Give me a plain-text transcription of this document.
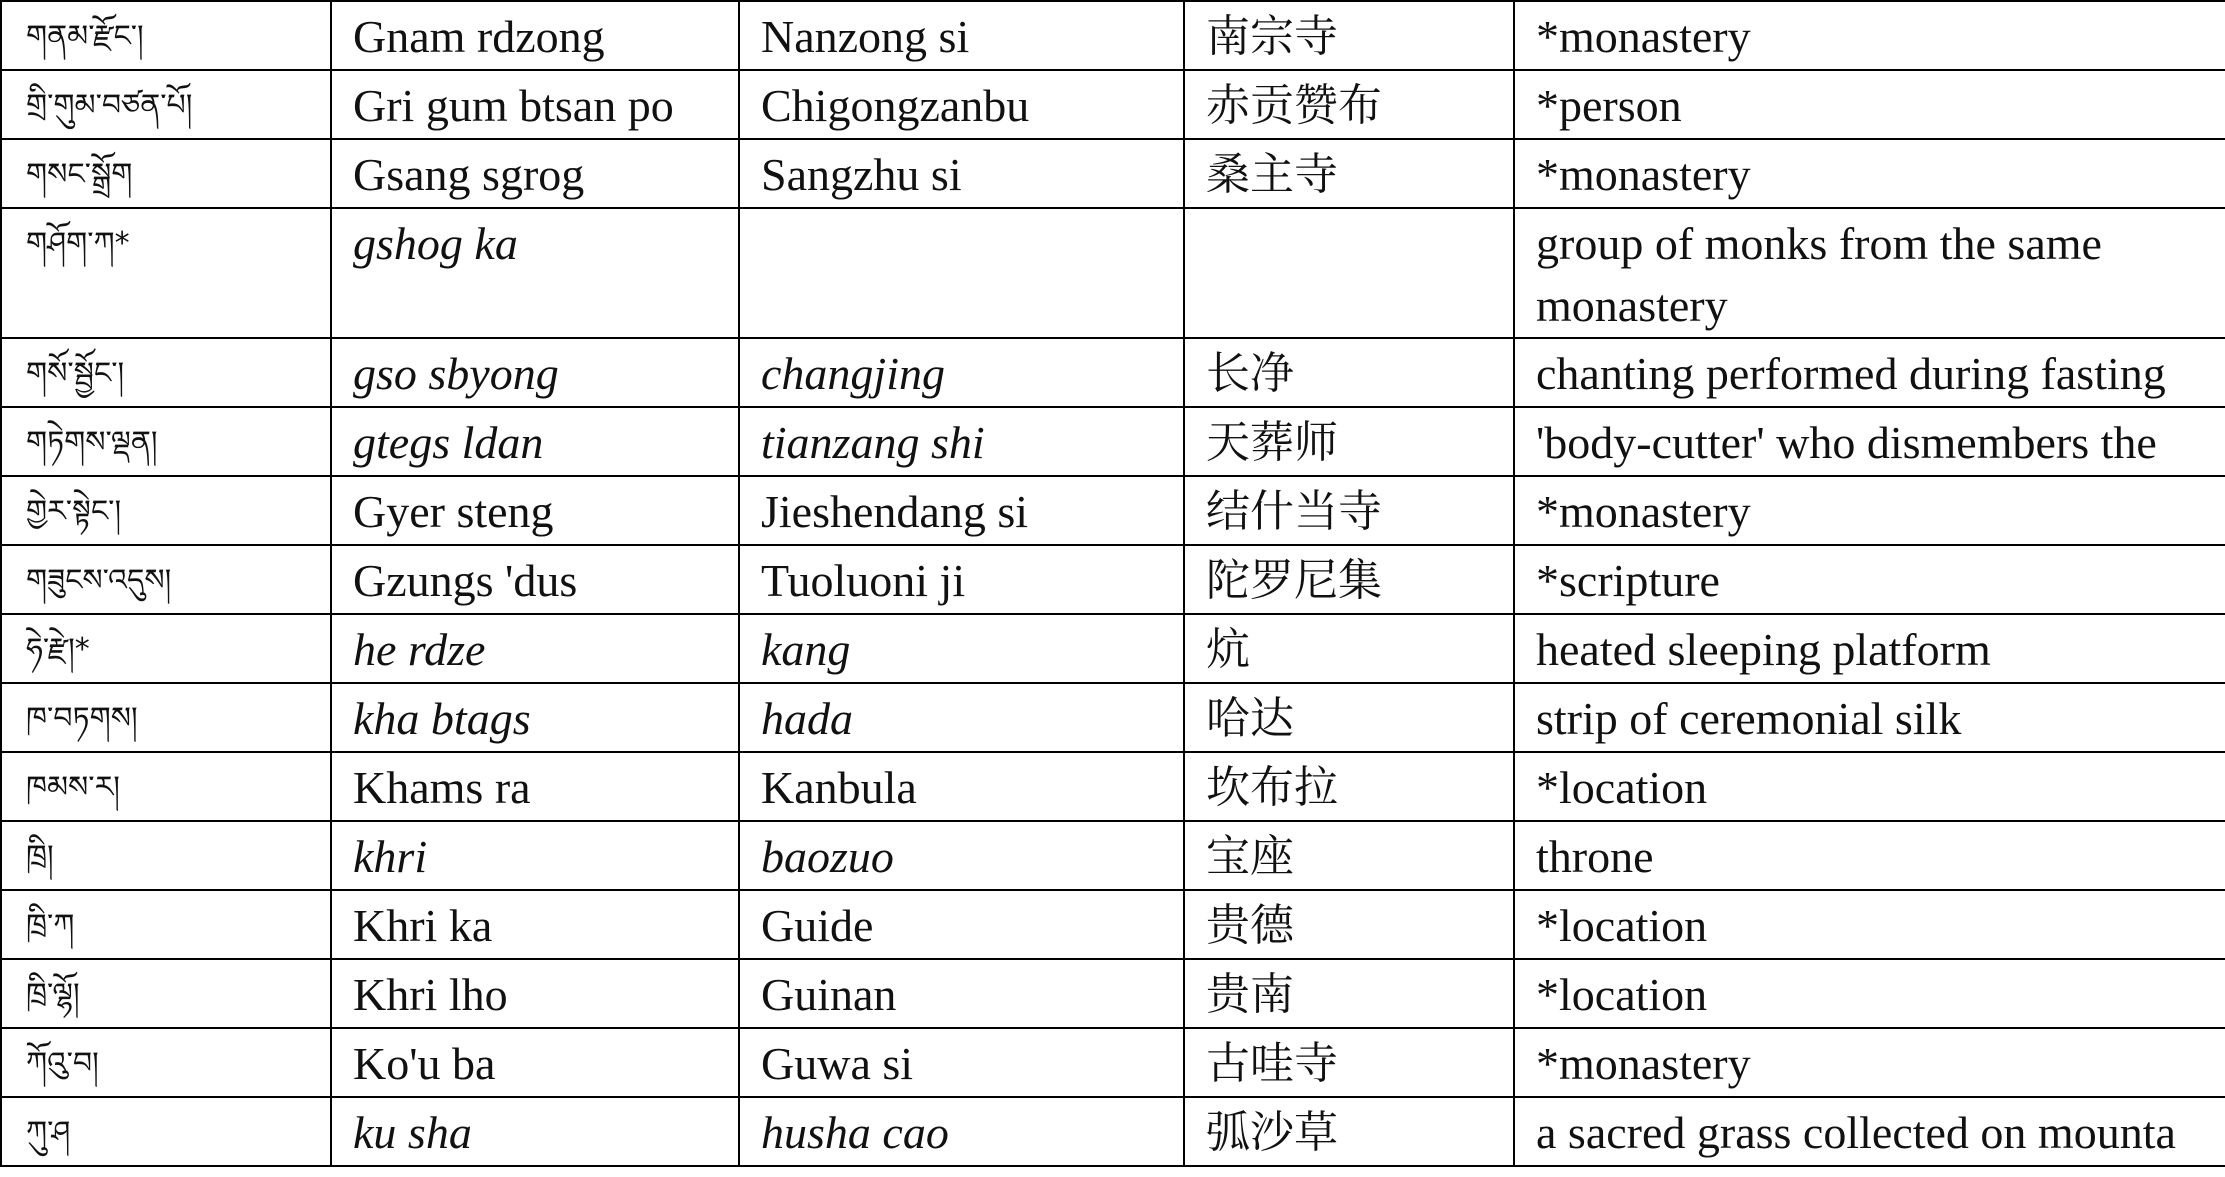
གནམ་རྫོང་།	Gnam rdzong	Nanzong si	南宗寺	*monastery
གྲི་གུམ་བཙན་པོ།	Gri gum btsan po	Chigongzanbu	赤贡赞布	*person
གསང་སྒྲོག	Gsang sgrog	Sangzhu si	桑主寺	*monastery
གཤོག་ཀ*	gshog ka			group of monks from the same monastery
གསོ་སྦྱོང་།	gso sbyong	changjing	长净	chanting performed during fasting
གཏེགས་ལྡན།	gtegs ldan	tianzang shi	天葬师	'body-cutter' who dismembers the
གྱེར་སྟེང་།	Gyer steng	Jieshendang si	结什当寺	*monastery
གཟུངས་འདུས།	Gzungs 'dus	Tuoluoni ji	陀罗尼集	*scripture
ཧེ་རྫེ།*	he rdze	kang	炕	heated sleeping platform
ཁ་བཏགས།	kha btags	hada	哈达	strip of ceremonial silk
ཁམས་ར།	Khams ra	Kanbula	坎布拉	*location
ཁྲི།	khri	baozuo	宝座	throne
ཁྲི་ཀ	Khri ka	Guide	贵德	*location
ཁྲི་ལྷོ།	Khri lho	Guinan	贵南	*location
ཀོའུ་བ།	Ko'u ba	Guwa si	古哇寺	*monastery
ཀུ་ཤ	ku sha	husha cao	弧沙草	a sacred grass collected on mounta
